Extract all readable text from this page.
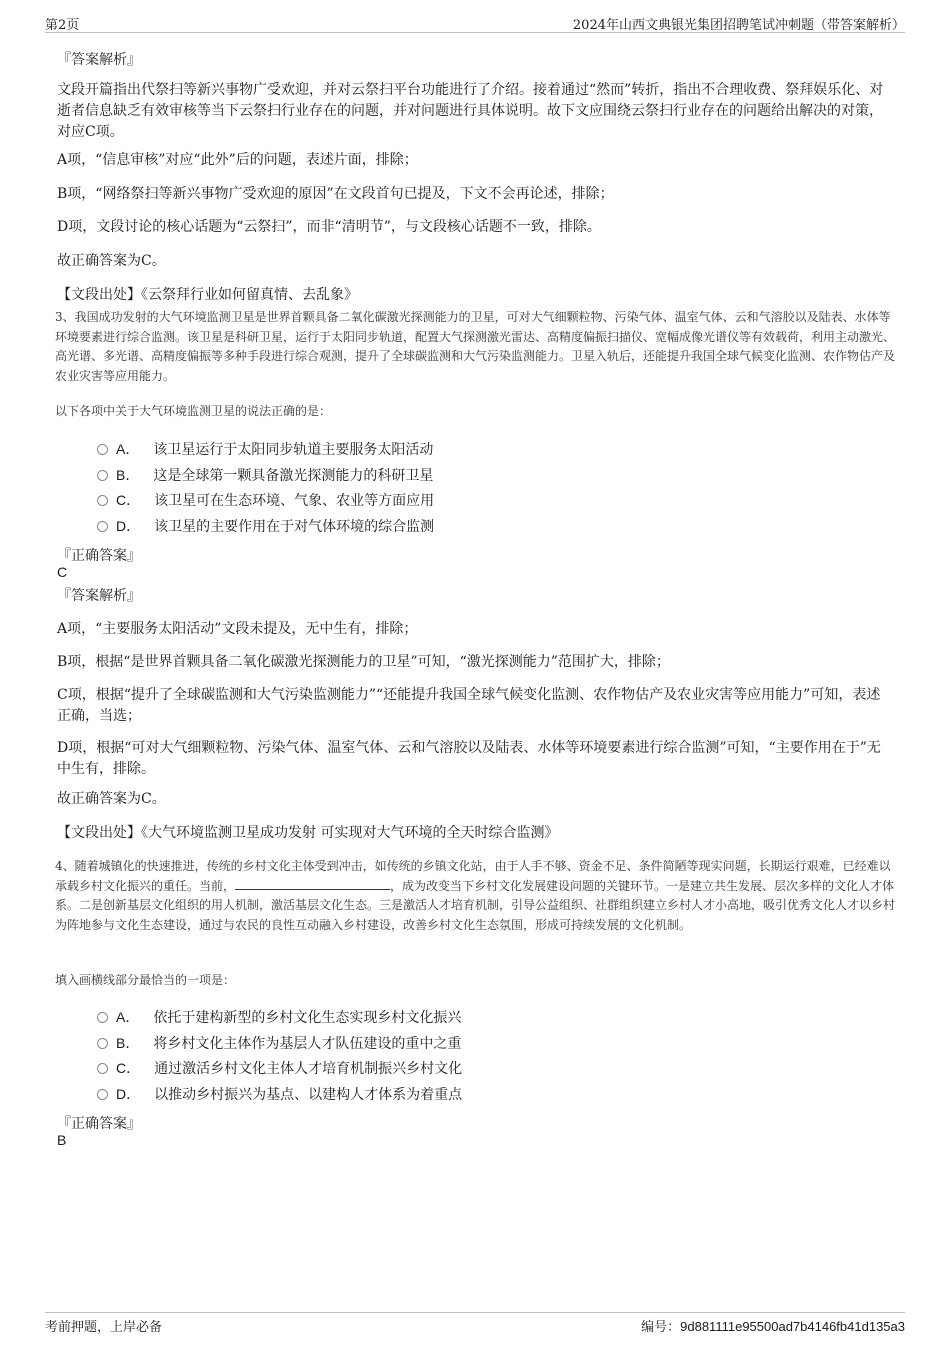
第2页	2024年山西文典银光集团招聘笔试冲刺题（带答案解析）
『答案解析』
文段开篇指出代祭扫等新兴事物广受欢迎，并对云祭扫平台功能进行了介绍。接着通过“然而”转折，指出不合理收费、祭拜娱乐化、对逝者信息缺乏有效审核等当下云祭扫行业存在的问题，并对问题进行具体说明。故下文应围绕云祭扫行业存在的问题给出解决的对策，对应C项。
A项，“信息审核”对应“此外”后的问题，表述片面，排除；
B项，“网络祭扫等新兴事物广受欢迎的原因”在文段首句已提及，下文不会再论述，排除；
D项，文段讨论的核心话题为“云祭扫”，而非“清明节”，与文段核心话题不一致，排除。
故正确答案为C。
【文段出处】《云祭拜行业如何留真情、去乱象》
3、我国成功发射的大气环境监测卫星是世界首颗具备二氧化碳激光探测能力的卫星，可对大气细颗粒物、污染气体、温室气体、云和气溶胶以及陆表、水体等环境要素进行综合监测。该卫星是科研卫星，运行于太阳同步轨道，配置大气探测激光雷达、高精度偏振扫描仪、宽幅成像光谱仪等有效载荷，利用主动激光、高光谱、多光谱、高精度偏振等多种手段进行综合观测，提升了全球碳监测和大气污染监测能力。卫星入轨后，还能提升我国全球气候变化监测、农作物估产及农业灾害等应用能力。
以下各项中关于大气环境监测卫星的说法正确的是：
A． 该卫星运行于太阳同步轨道主要服务太阳活动
B． 这是全球第一颗具备激光探测能力的科研卫星
C． 该卫星可在生态环境、气象、农业等方面应用
D． 该卫星的主要作用在于对气体环境的综合监测
『正确答案』
C
『答案解析』
A项，“主要服务太阳活动”文段未提及，无中生有，排除；
B项，根据“是世界首颗具备二氧化碳激光探测能力的卫星”可知，“激光探测能力”范围扩大，排除；
C项，根据“提升了全球碳监测和大气污染监测能力”“还能提升我国全球气候变化监测、农作物估产及农业灾害等应用能力”可知，表述正确，当选；
D项，根据“可对大气细颗粒物、污染气体、温室气体、云和气溶胶以及陆表、水体等环境要素进行综合监测”可知，“主要作用在于”无中生有，排除。
故正确答案为C。
【文段出处】《大气环境监测卫星成功发射 可实现对大气环境的全天时综合监测》
4、随着城镇化的快速推进，传统的乡村文化主体受到冲击，如传统的乡镇文化站，由于人手不够、资金不足、条件简陋等现实问题，长期运行艰难，已经难以承载乡村文化振兴的重任。当前，	，成为改变当下乡村文化发展建设问题的关键环节。一是建立共生发展、层次多样的文化人才体系。二是创新基层文化组织的用人机制，激活基层文化生态。三是激活人才培育机制，引导公益组织、社群组织建立乡村人才小高地，吸引优秀文化人才以乡村为阵地参与文化生态建设，通过与农民的良性互动融入乡村建设，改善乡村文化生态氛围，形成可持续发展的文化机制。
填入画横线部分最恰当的一项是：
A． 依托于建构新型的乡村文化生态实现乡村文化振兴
B． 将乡村文化主体作为基层人才队伍建设的重中之重
C． 通过激活乡村文化主体人才培育机制振兴乡村文化
D． 以推动乡村振兴为基点、以建构人才体系为着重点
『正确答案』
B
考前押题，上岸必备	编号：9d881111e95500ad7b4146fb41d135a3
